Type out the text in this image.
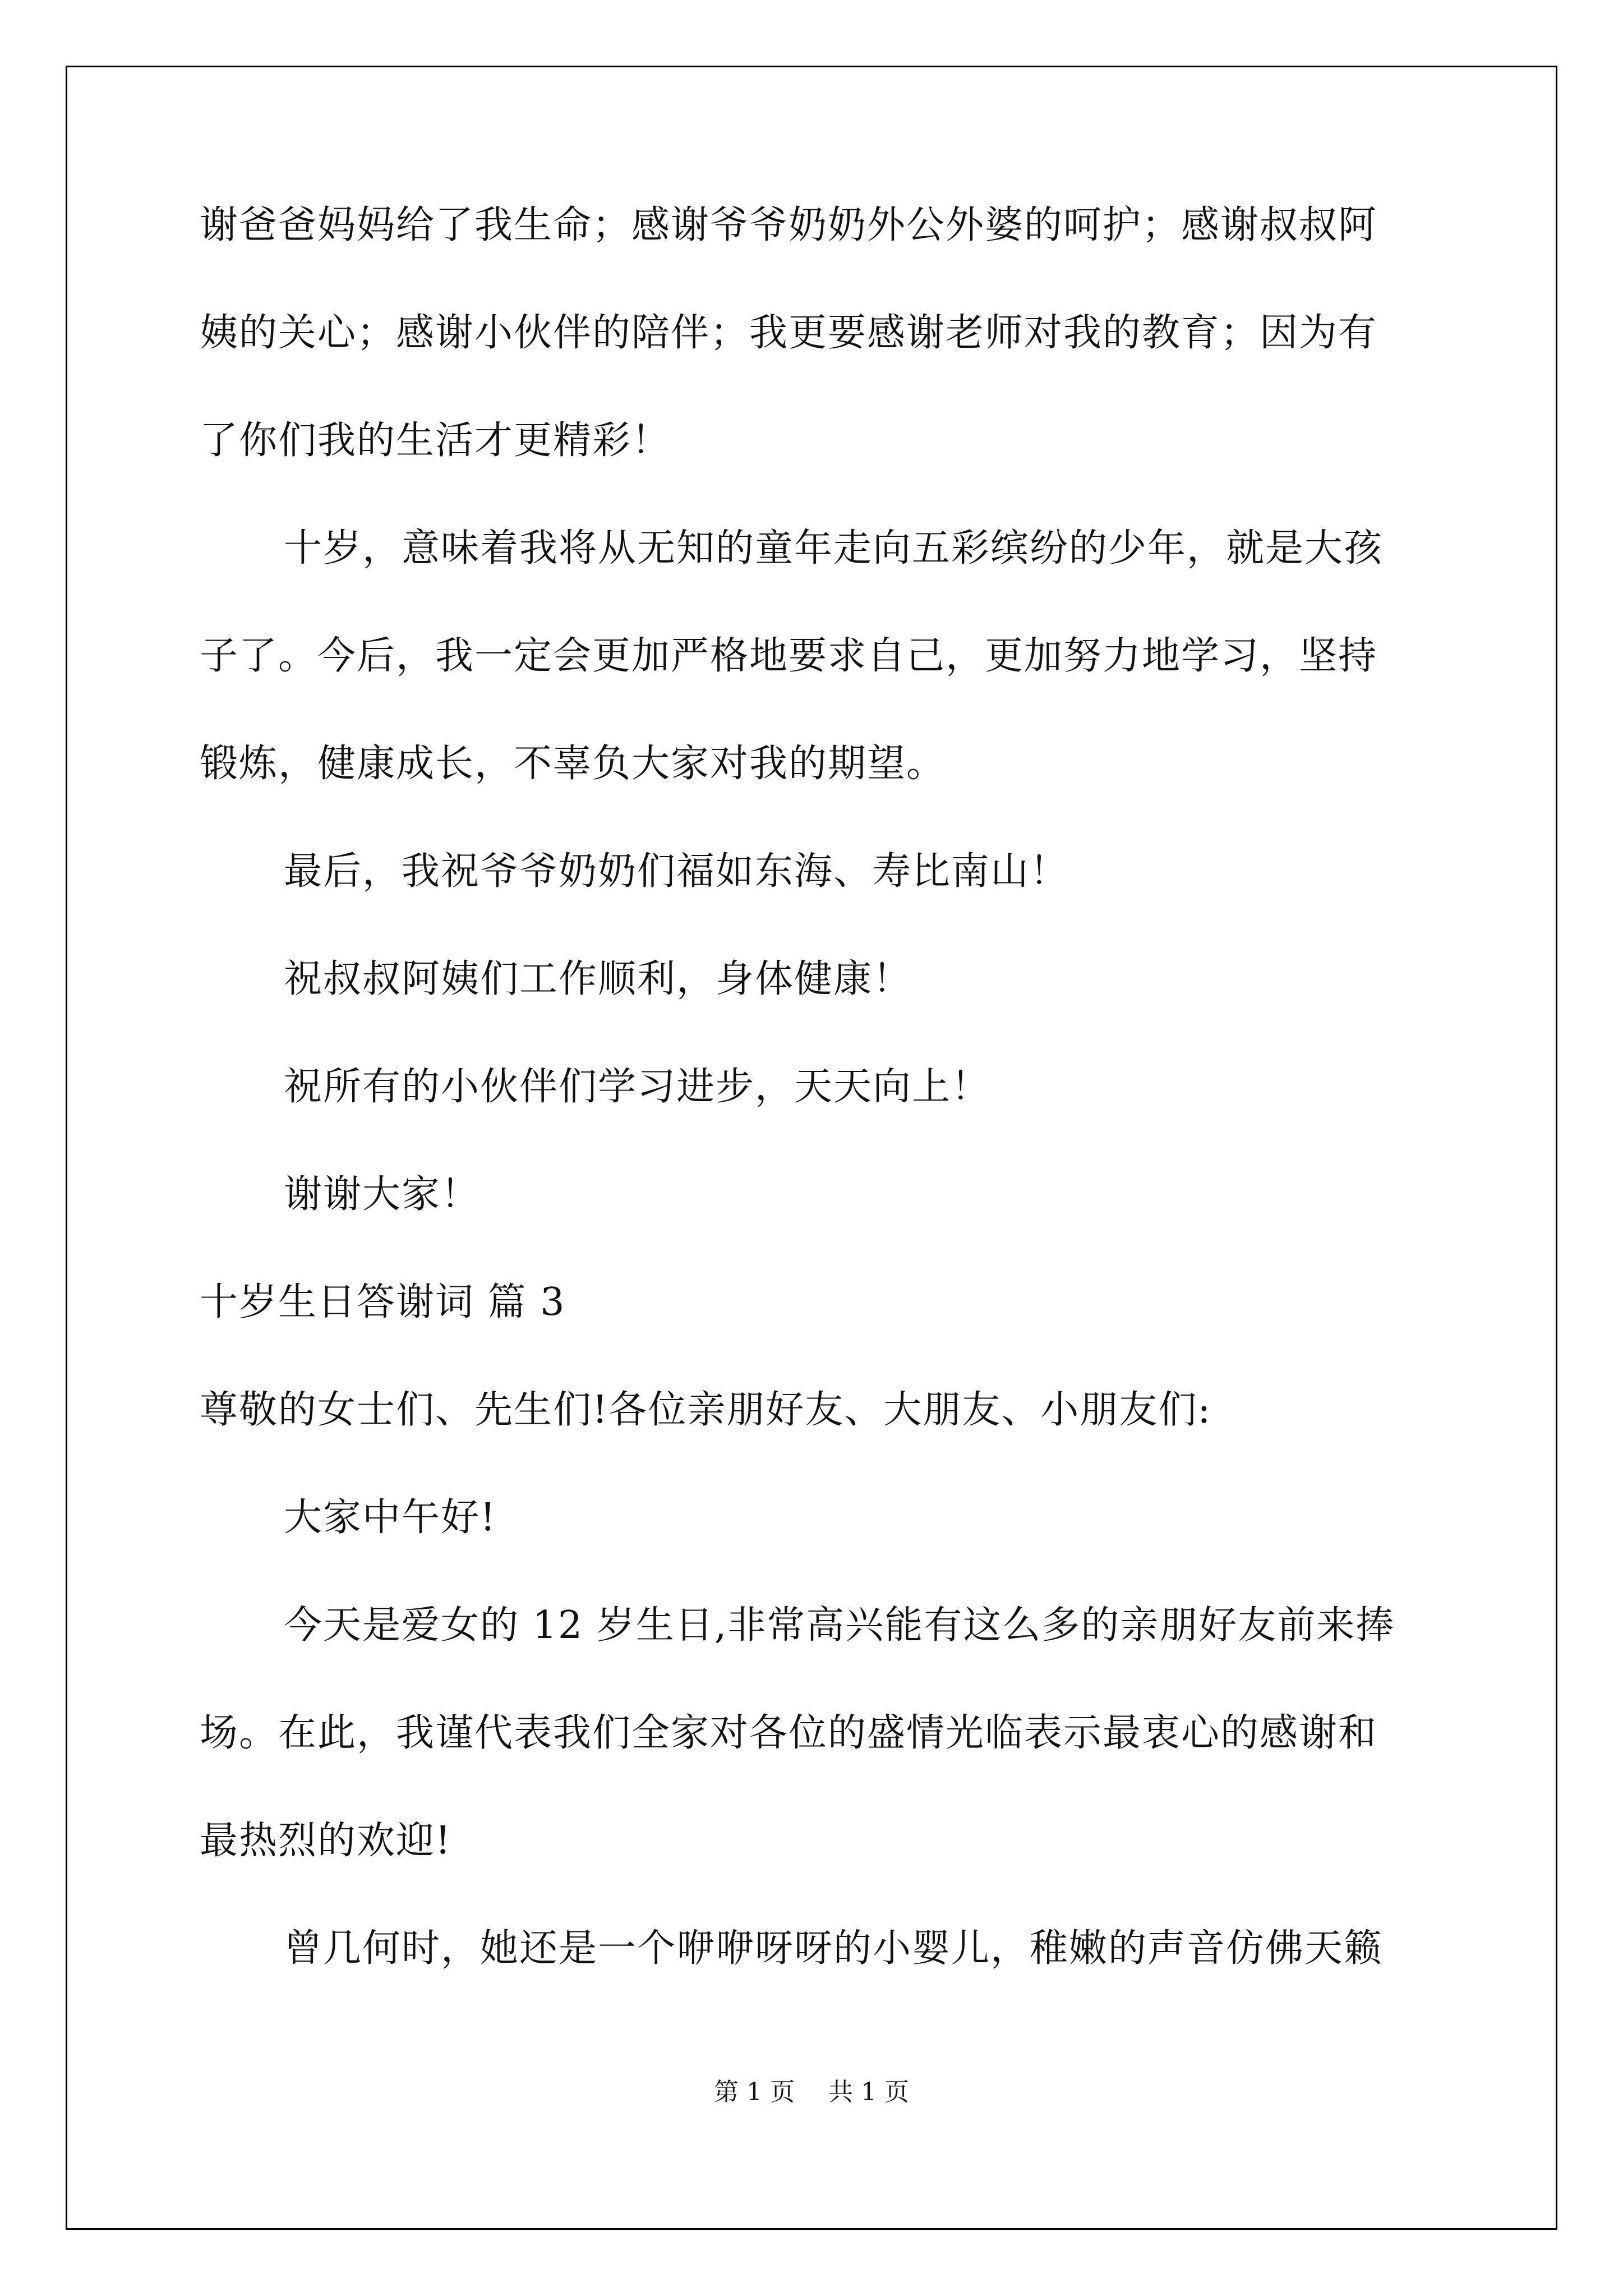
谢爸爸妈妈给了我生命；感谢爷爷奶奶外公外婆的呵护；感谢叔叔阿
姨的关心；感谢小伙伴的陪伴；我更要感谢老师对我的教育；因为有
了你们我的生活才更精彩！
十岁，意味着我将从无知的童年走向五彩缤纷的少年，就是大孩
子了。今后，我一定会更加严格地要求自己，更加努力地学习，坚持
锻炼，健康成长，不辜负大家对我的期望。
最后，我祝爷爷奶奶们福如东海、寿比南山！
祝叔叔阿姨们工作顺利，身体健康！
祝所有的小伙伴们学习进步，天天向上！
谢谢大家！
十岁生日答谢词 篇 3
尊敬的女士们、先生们!各位亲朋好友、大朋友、小朋友们:
大家中午好!
今天是爱女的 12 岁生日,非常高兴能有这么多的亲朋好友前来捧
场。在此，我谨代表我们全家对各位的盛情光临表示最衷心的感谢和
最热烈的欢迎!
曾几何时，她还是一个咿咿呀呀的小婴儿，稚嫩的声音仿佛天籁
第 1 页 共 1 页
